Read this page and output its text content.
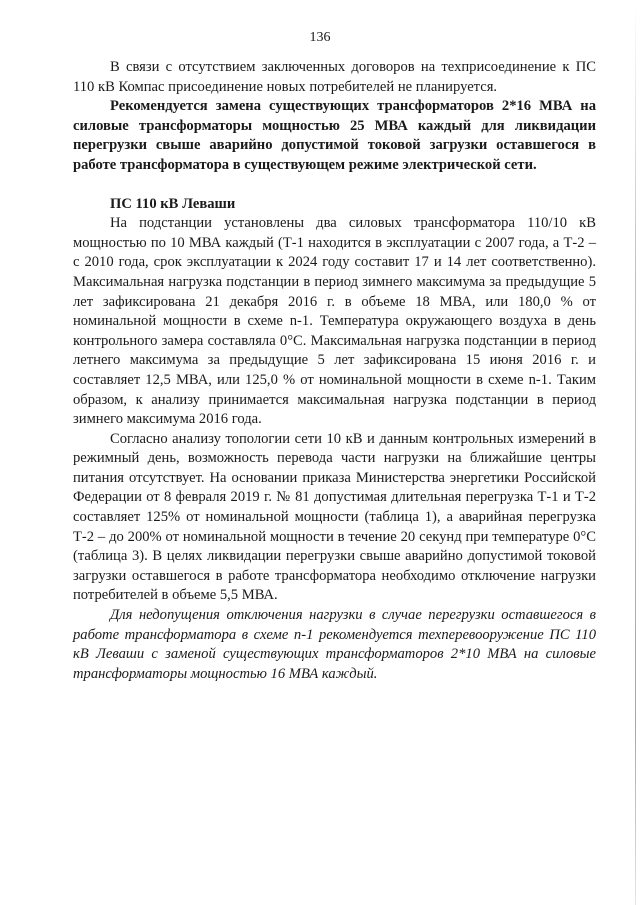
136

В связи с отсутствием заключенных договоров на техприсоединение к ПС 110 кВ Компас присоединение новых потребителей не планируется.

Рекомендуется замена существующих трансформаторов 2*16 МВА на силовые трансформаторы мощностью 25 МВА каждый для ликвидации перегрузки свыше аварийно допустимой токовой загрузки оставшегося в работе трансформатора в существующем режиме электрической сети.

ПС 110 кВ Леваши

На подстанции установлены два силовых трансформатора 110/10 кВ мощностью по 10 МВА каждый (Т-1 находится в эксплуатации с 2007 года, а Т-2 – с 2010 года, срок эксплуатации к 2024 году составит 17 и 14 лет соответственно). Максимальная нагрузка подстанции в период зимнего максимума за предыдущие 5 лет зафиксирована 21 декабря 2016 г. в объеме 18 МВА, или 180,0 % от номинальной мощности в схеме n-1. Температура окружающего воздуха в день контрольного замера составляла 0°С. Максимальная нагрузка подстанции в период летнего максимума за предыдущие 5 лет зафиксирована 15 июня 2016 г. и составляет 12,5 МВА, или 125,0 % от номинальной мощности в схеме n-1. Таким образом, к анализу принимается максимальная нагрузка подстанции в период зимнего максимума 2016 года.

Согласно анализу топологии сети 10 кВ и данным контрольных измерений в режимный день, возможность перевода части нагрузки на ближайшие центры питания отсутствует. На основании приказа Министерства энергетики Российской Федерации от 8 февраля 2019 г. № 81 допустимая длительная перегрузка Т-1 и Т-2 составляет 125% от номинальной мощности (таблица 1), а аварийная перегрузка Т-2 – до 200% от номинальной мощности в течение 20 секунд при температуре 0°С (таблица 3). В целях ликвидации перегрузки свыше аварийно допустимой токовой загрузки оставшегося в работе трансформатора необходимо отключение нагрузки потребителей в объеме 5,5 МВА.

Для недопущения отключения нагрузки в случае перегрузки оставшегося в работе трансформатора в схеме n-1 рекомендуется техперевооружение ПС 110 кВ Леваши с заменой существующих трансформаторов 2*10 МВА на силовые трансформаторы мощностью 16 МВА каждый.
